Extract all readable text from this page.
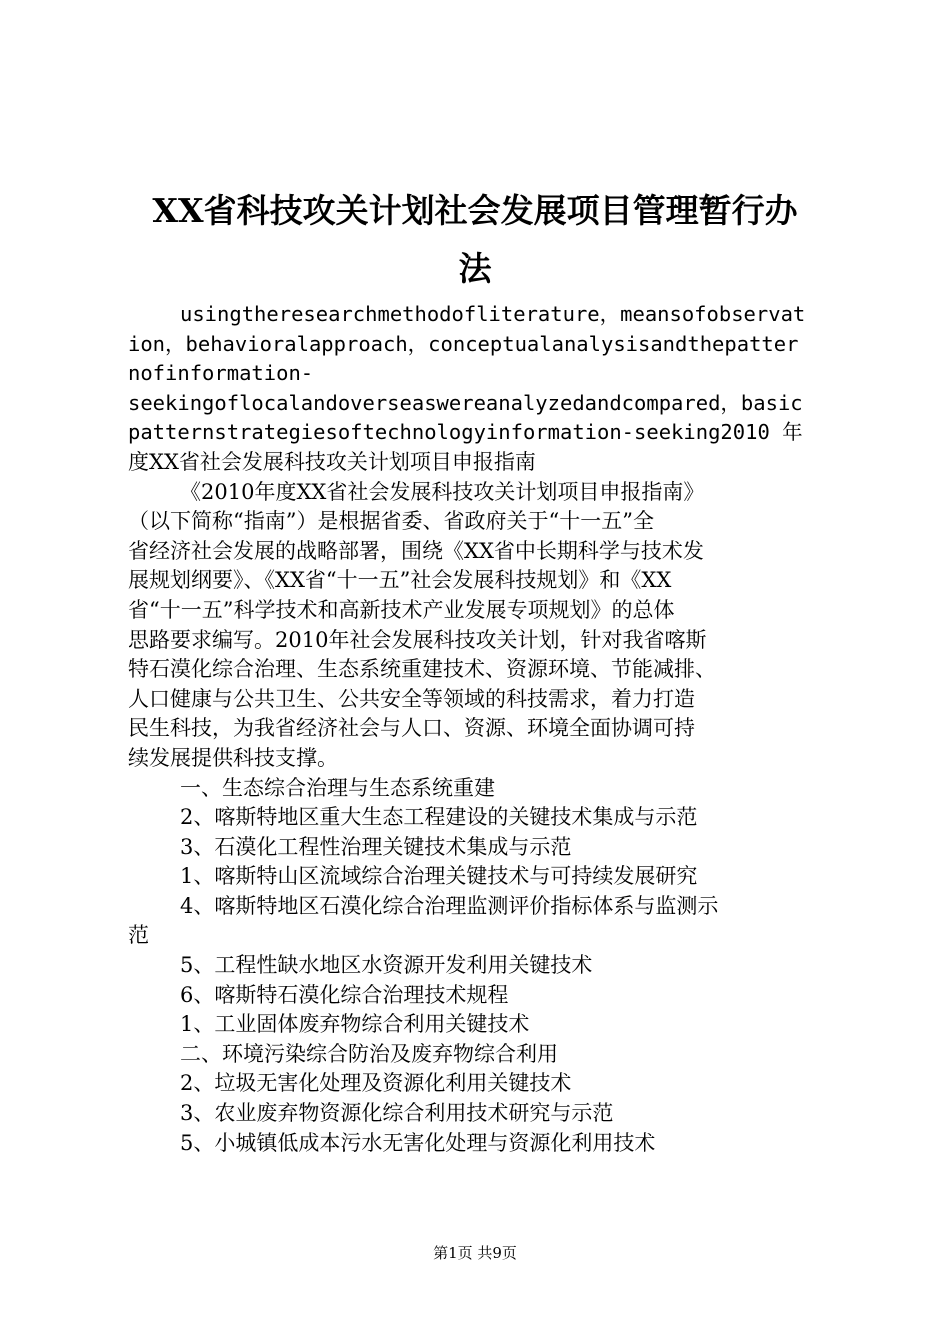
XX省科技攻关计划社会发展项目管理暂行办
法
usingtheresearchmethodofliterature，meansofobservat
ion，behavioralapproach，conceptualanalysisandthepatter
nofinformation-
seekingoflocalandoverseaswereanalyzedandcompared，basic
patternstrategiesoftechnologyinformation-seeking2010 年
度XX省社会发展科技攻关计划项目申报指南
《2010年度XX省社会发展科技攻关计划项目申报指南》
（以下简称“指南”）是根据省委、省政府关于“十一五”全
省经济社会发展的战略部署，围绕《XX省中长期科学与技术发
展规划纲要》、《XX省“十一五”社会发展科技规划》和《XX
省“十一五”科学技术和高新技术产业发展专项规划》的总体
思路要求编写。2010年社会发展科技攻关计划，针对我省喀斯
特石漠化综合治理、生态系统重建技术、资源环境、节能减排、
人口健康与公共卫生、公共安全等领域的科技需求，着力打造
民生科技，为我省经济社会与人口、资源、环境全面协调可持
续发展提供科技支撑。
一、生态综合治理与生态系统重建
2、喀斯特地区重大生态工程建设的关键技术集成与示范
3、石漠化工程性治理关键技术集成与示范
1、喀斯特山区流域综合治理关键技术与可持续发展研究
4、喀斯特地区石漠化综合治理监测评价指标体系与监测示
范
5、工程性缺水地区水资源开发利用关键技术
6、喀斯特石漠化综合治理技术规程
1、工业固体废弃物综合利用关键技术
二、环境污染综合防治及废弃物综合利用
2、垃圾无害化处理及资源化利用关键技术
3、农业废弃物资源化综合利用技术研究与示范
5、小城镇低成本污水无害化处理与资源化利用技术
第1页 共9页
